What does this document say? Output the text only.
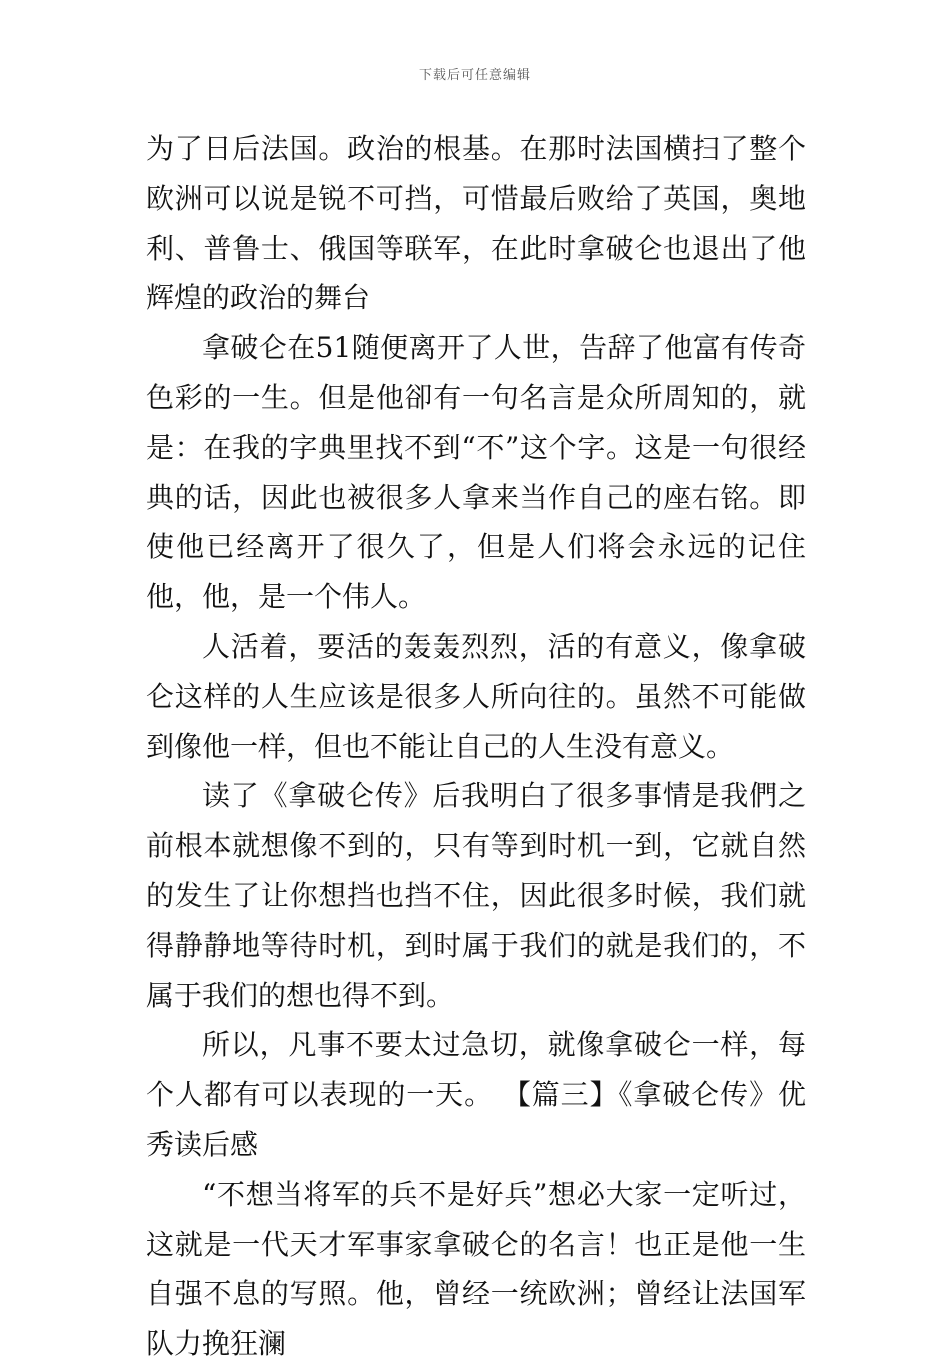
下载后可任意编辑

为了日后法国。政治的根基。在那时法国横扫了整个欧洲可以说是锐不可挡，可惜最后败给了英国，奥地利、普鲁士、俄国等联军，在此时拿破仑也退出了他辉煌的政治的舞台

拿破仑在51随便离开了人世，告辞了他富有传奇色彩的一生。但是他卻有一句名言是众所周知的，就是：在我的字典里找不到“不”这个字。这是一句很经典的话，因此也被很多人拿来当作自己的座右铭。即使他已经离开了很久了，但是人们将会永远的记住他，他，是一个伟人。

人活着，要活的轰轰烈烈，活的有意义，像拿破仑这样的人生应该是很多人所向往的。虽然不可能做到像他一样，但也不能让自己的人生没有意义。

读了《拿破仑传》后我明白了很多事情是我們之前根本就想像不到的，只有等到时机一到，它就自然的发生了让你想挡也挡不住，因此很多时候，我们就得静静地等待时机，到时属于我们的就是我们的，不属于我们的想也得不到。

所以，凡事不要太过急切，就像拿破仑一样，每个人都有可以表现的一天。 【篇三】《拿破仑传》优秀读后感

“不想当将军的兵不是好兵”想必大家一定听过，这就是一代天才军事家拿破仑的名言！也正是他一生自强不息的写照。他，曾经一统欧洲；曾经让法国军队力挽狂澜
